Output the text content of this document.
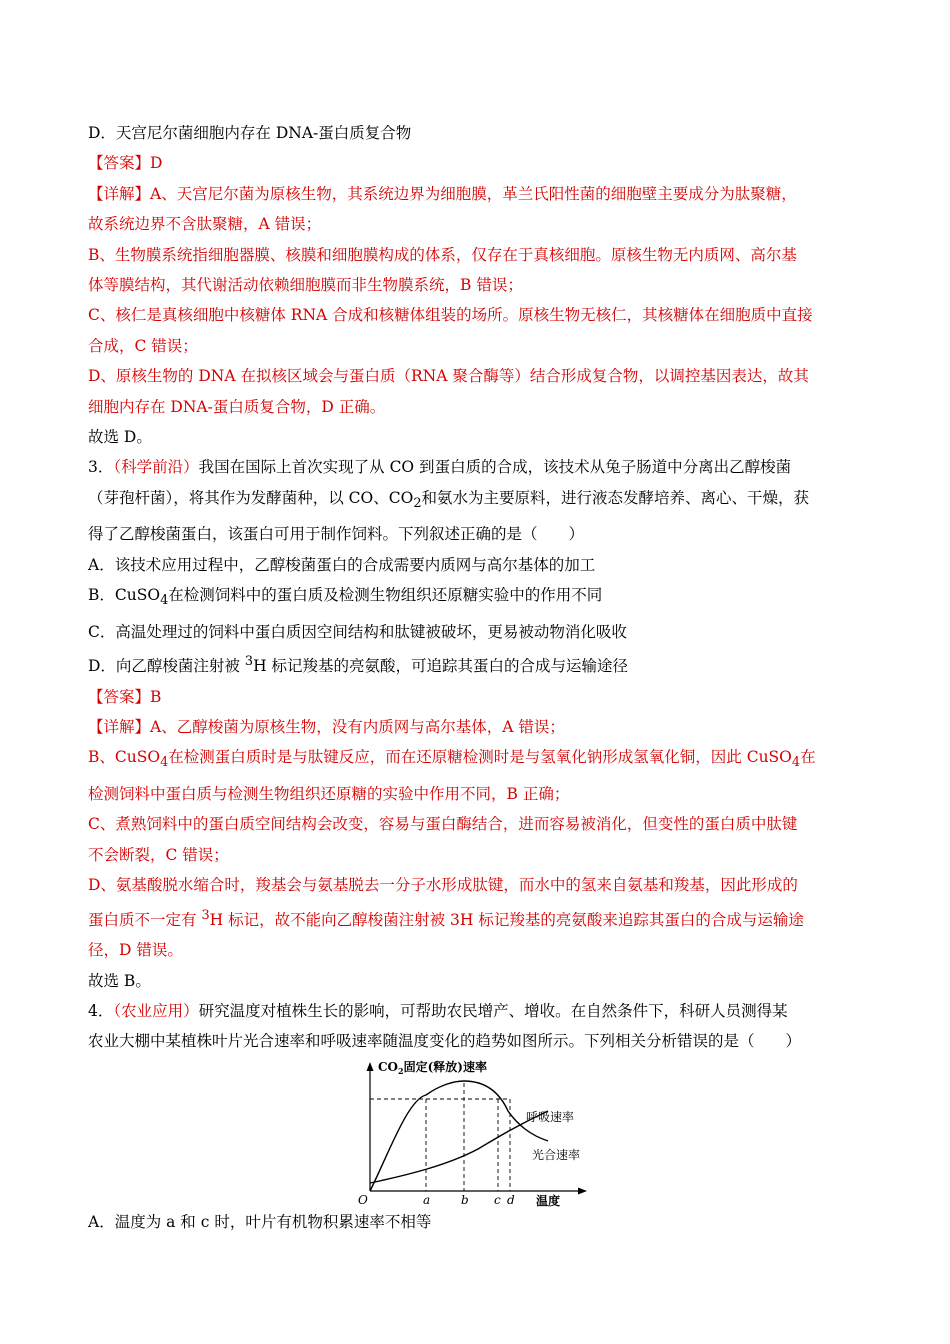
D．天宫尼尔菌细胞内存在 DNA-蛋白质复合物
【答案】D
【详解】A、天宫尼尔菌为原核生物，其系统边界为细胞膜，革兰氏阳性菌的细胞壁主要成分为肽聚糖，
故系统边界不含肽聚糖，A 错误；
B、生物膜系统指细胞器膜、核膜和细胞膜构成的体系，仅存在于真核细胞。原核生物无内质网、高尔基
体等膜结构，其代谢活动依赖细胞膜而非生物膜系统，B 错误；
C、核仁是真核细胞中核糖体 RNA 合成和核糖体组装的场所。原核生物无核仁，其核糖体在细胞质中直接
合成，C 错误；
D、原核生物的 DNA 在拟核区域会与蛋白质（RNA 聚合酶等）结合形成复合物，以调控基因表达，故其
细胞内存在 DNA-蛋白质复合物，D 正确。
故选 D。
3．（科学前沿）我国在国际上首次实现了从 CO 到蛋白质的合成，该技术从兔子肠道中分离出乙醇梭菌
（芽孢杆菌），将其作为发酵菌种，以 CO、$CO_2$和氨水为主要原料，进行液态发酵培养、离心、干燥，获
得了乙醇梭菌蛋白，该蛋白可用于制作饲料。下列叙述正确的是（　　）
A．该技术应用过程中，乙醇梭菌蛋白的合成需要内质网与高尔基体的加工
B．CuSO$_4$在检测饲料中的蛋白质及检测生物组织还原糖实验中的作用不同
C．高温处理过的饲料中蛋白质因空间结构和肽键被破坏，更易被动物消化吸收
D．向乙醇梭菌注射被 $^3$H 标记羧基的亮氨酸，可追踪其蛋白的合成与运输途径
【答案】B
【详解】A、乙醇梭菌为原核生物，没有内质网与高尔基体，A 错误；
B、CuSO$_4$在检测蛋白质时是与肽键反应，而在还原糖检测时是与氢氧化钠形成氢氧化铜，因此 CuSO$_4$在
检测饲料中蛋白质与检测生物组织还原糖的实验中作用不同，B 正确；
C、煮熟饲料中的蛋白质空间结构会改变，容易与蛋白酶结合，进而容易被消化，但变性的蛋白质中肽键
不会断裂，C 错误；
D、氨基酸脱水缩合时，羧基会与氨基脱去一分子水形成肽键，而水中的氢来自氨基和羧基，因此形成的
蛋白质不一定有 $^3$H 标记，故不能向乙醇梭菌注射被 3H 标记羧基的亮氨酸来追踪其蛋白的合成与运输途
径，D 错误。
故选 B。
4．（农业应用）研究温度对植株生长的影响，可帮助农民增产、增收。在自然条件下，科研人员测得某
农业大棚中某植株叶片光合速率和呼吸速率随温度变化的趋势如图所示。下列相关分析错误的是（　　）
$CO_2$固定(释放)速率
呼吸速率
光合速率
O	a	b c d 温度
A．温度为 a 和 c 时，叶片有机物积累速率不相等
